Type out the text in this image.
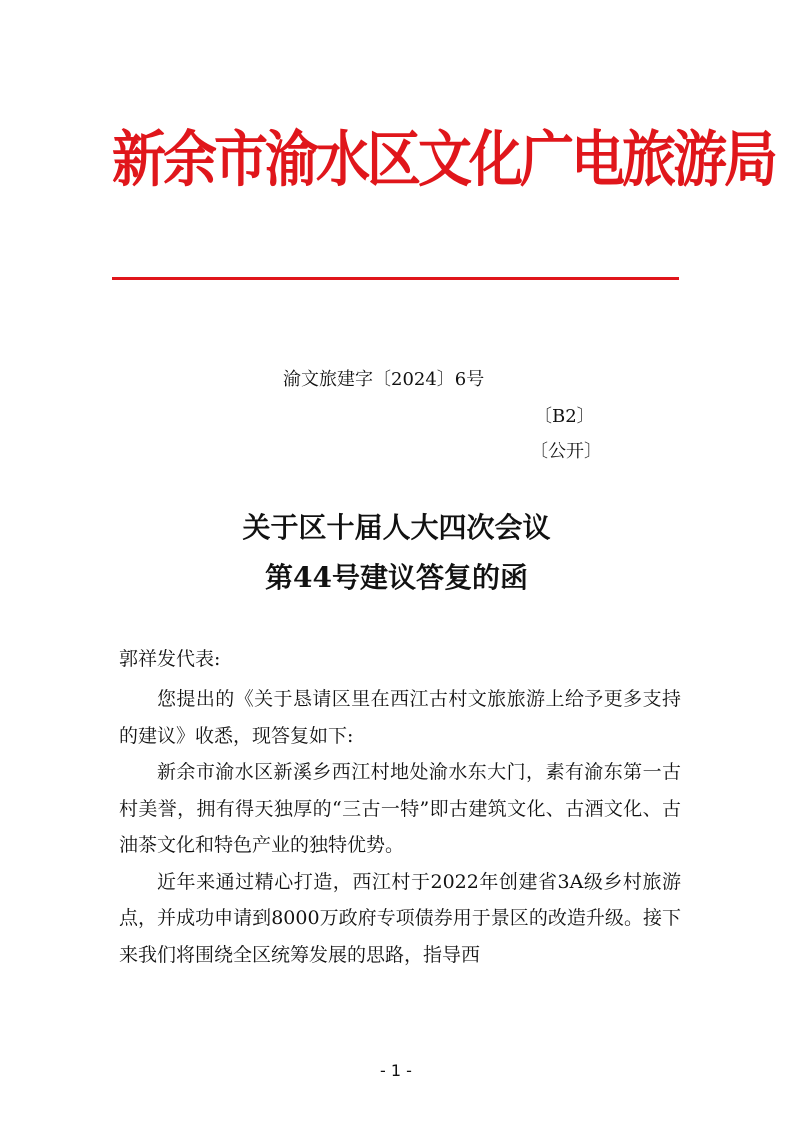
新余市渝水区文化广电旅游局
渝文旅建字〔2024〕6号
〔B2〕
〔公开〕
关于区十届人大四次会议
第44号建议答复的函
郭祥发代表:

您提出的《关于恳请区里在西江古村文旅旅游上给予更多支持的建议》收悉，现答复如下:

新余市渝水区新溪乡西江村地处渝水东大门，素有渝东第一古村美誉，拥有得天独厚的“三古一特”即古建筑文化、古酒文化、古油茶文化和特色产业的独特优势。

近年来通过精心打造，西江村于2022年创建省3A级乡村旅游点，并成功申请到8000万政府专项债券用于景区的改造升级。接下来我们将围绕全区统筹发展的思路，指导西

- 1 -
